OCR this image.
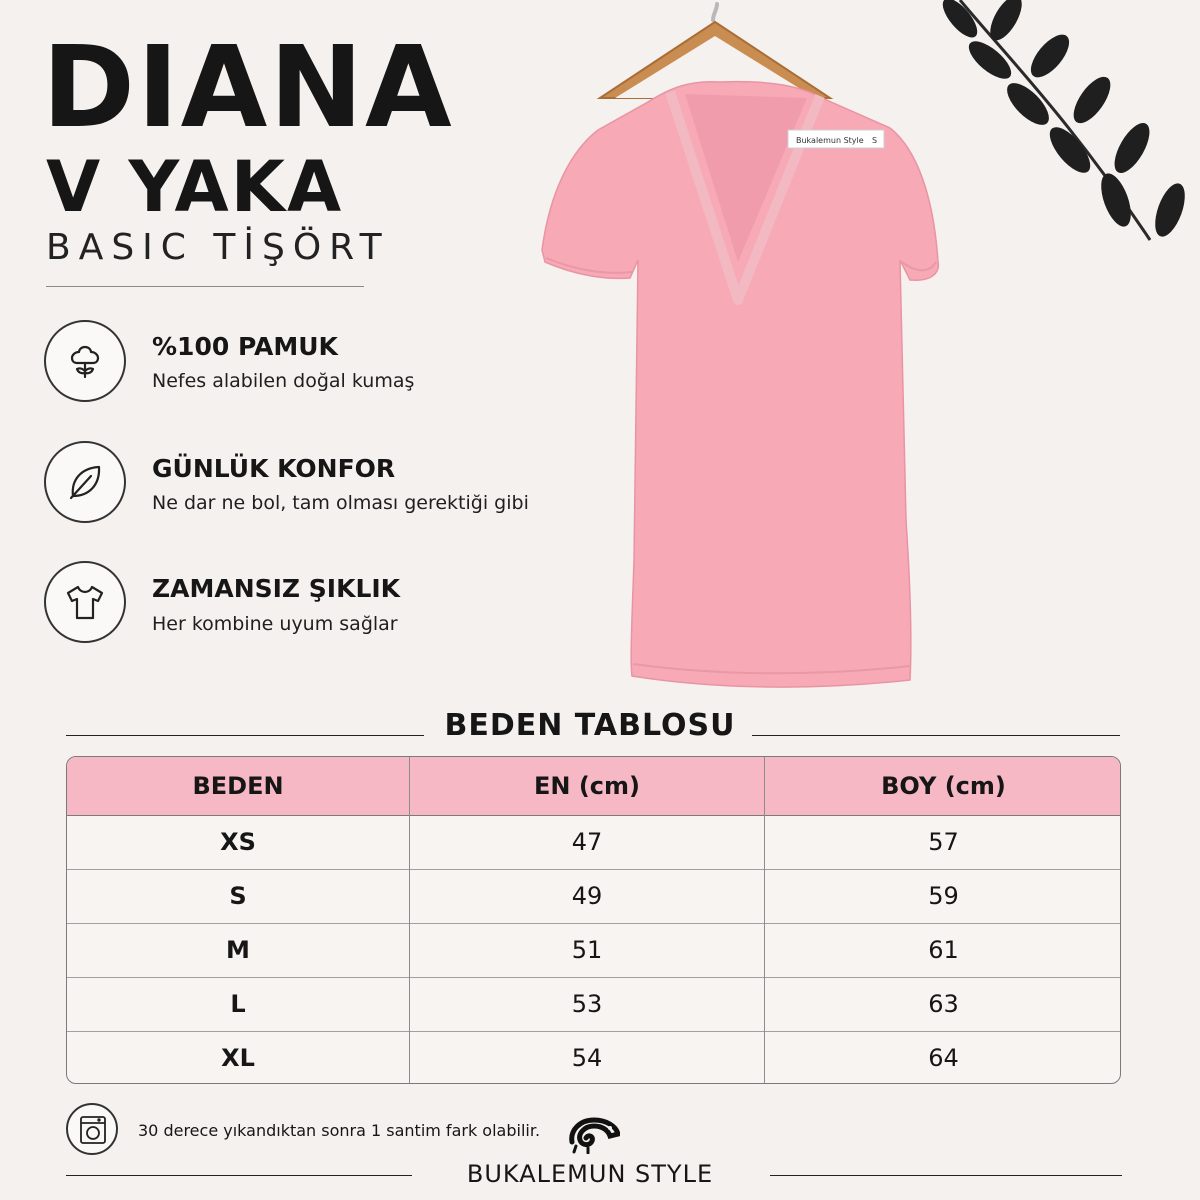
DIANA
V YAKA
BASIC TİŞÖRT
%100 PAMUK
Nefes alabilen doğal kumaş
GÜNLÜK KONFOR
Ne dar ne bol, tam olması gerektiği gibi
ZAMANSIZ ŞIKLIK
Her kombine uyum sağlar
Bukalemun Style S
BEDEN TABLOSU
BEDEN	EN (cm)	BOY (cm)
XS	47	57
S	49	59
M	51	61
L	53	63
XL	54	64
30 derece yıkandıktan sonra 1 santim fark olabilir.
BUKALEMUN STYLE
